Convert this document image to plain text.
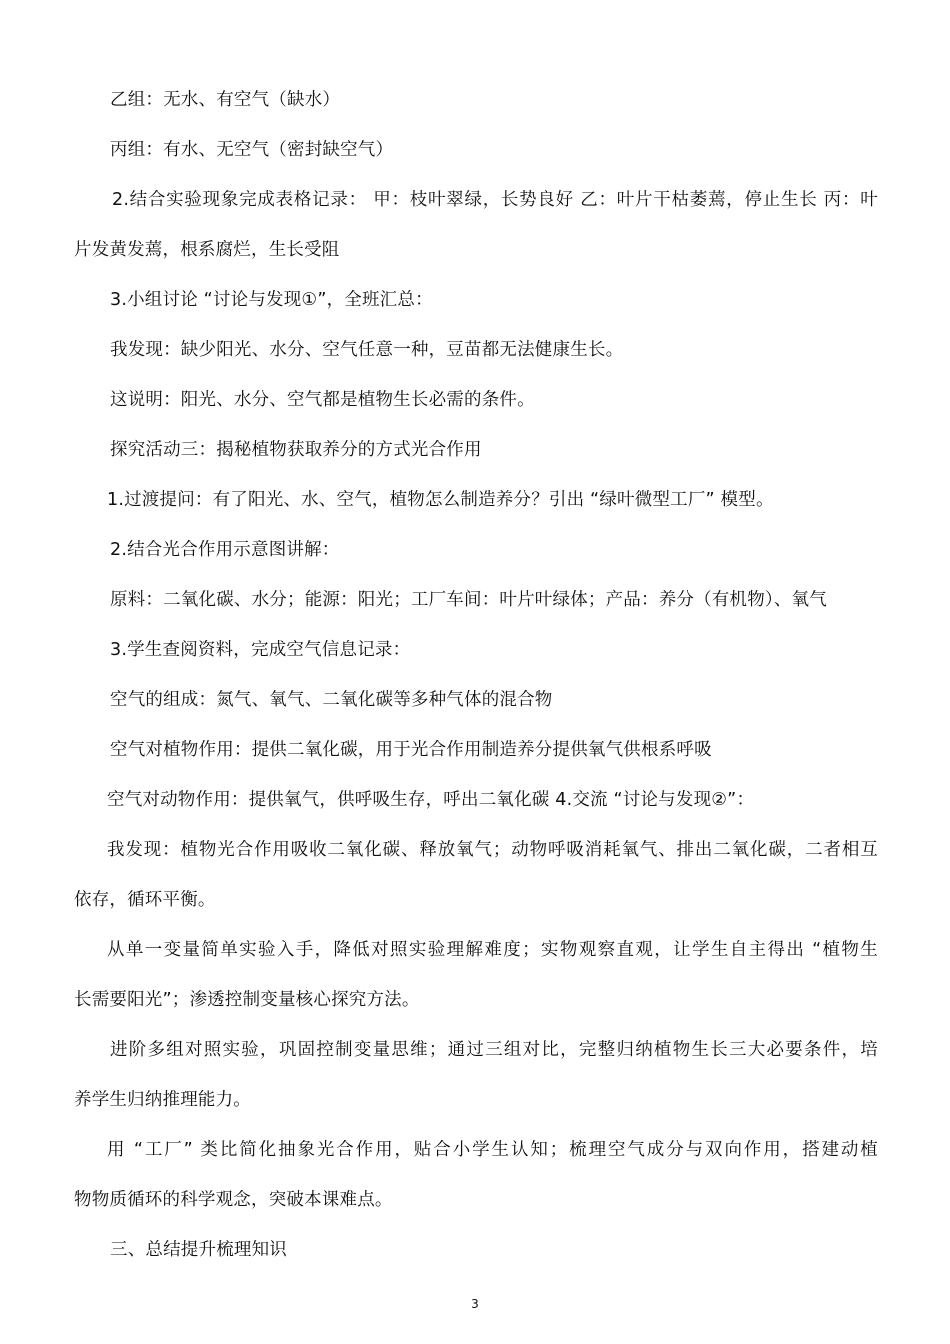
乙组：无水、有空气（缺水）
丙组：有水、无空气（密封缺空气）
2.结合实验现象完成表格记录： 甲：枝叶翠绿，长势良好 乙：叶片干枯萎蔫，停止生长 丙：叶
片发黄发蔫，根系腐烂，生长受阻
3.小组讨论 “讨论与发现①”，全班汇总：
我发现：缺少阳光、水分、空气任意一种，豆苗都无法健康生长。
这说明：阳光、水分、空气都是植物生长必需的条件。
探究活动三：揭秘植物获取养分的方式光合作用
1.过渡提问：有了阳光、水、空气，植物怎么制造养分？引出 “绿叶微型工厂” 模型。
2.结合光合作用示意图讲解：
原料：二氧化碳、水分；能源：阳光；工厂车间：叶片叶绿体；产品：养分（有机物）、氧气
3.学生查阅资料，完成空气信息记录：
空气的组成：氮气、氧气、二氧化碳等多种气体的混合物
空气对植物作用：提供二氧化碳，用于光合作用制造养分提供氧气供根系呼吸
空气对动物作用：提供氧气，供呼吸生存，呼出二氧化碳 4.交流 “讨论与发现②”：
我发现：植物光合作用吸收二氧化碳、释放氧气；动物呼吸消耗氧气、排出二氧化碳，二者相互
依存，循环平衡。
从单一变量简单实验入手，降低对照实验理解难度；实物观察直观，让学生自主得出 “植物生
长需要阳光”；渗透控制变量核心探究方法。
进阶多组对照实验，巩固控制变量思维；通过三组对比，完整归纳植物生长三大必要条件，培
养学生归纳推理能力。
用 “工厂” 类比简化抽象光合作用，贴合小学生认知；梳理空气成分与双向作用，搭建动植
物物质循环的科学观念，突破本课难点。
三、总结提升梳理知识
3
